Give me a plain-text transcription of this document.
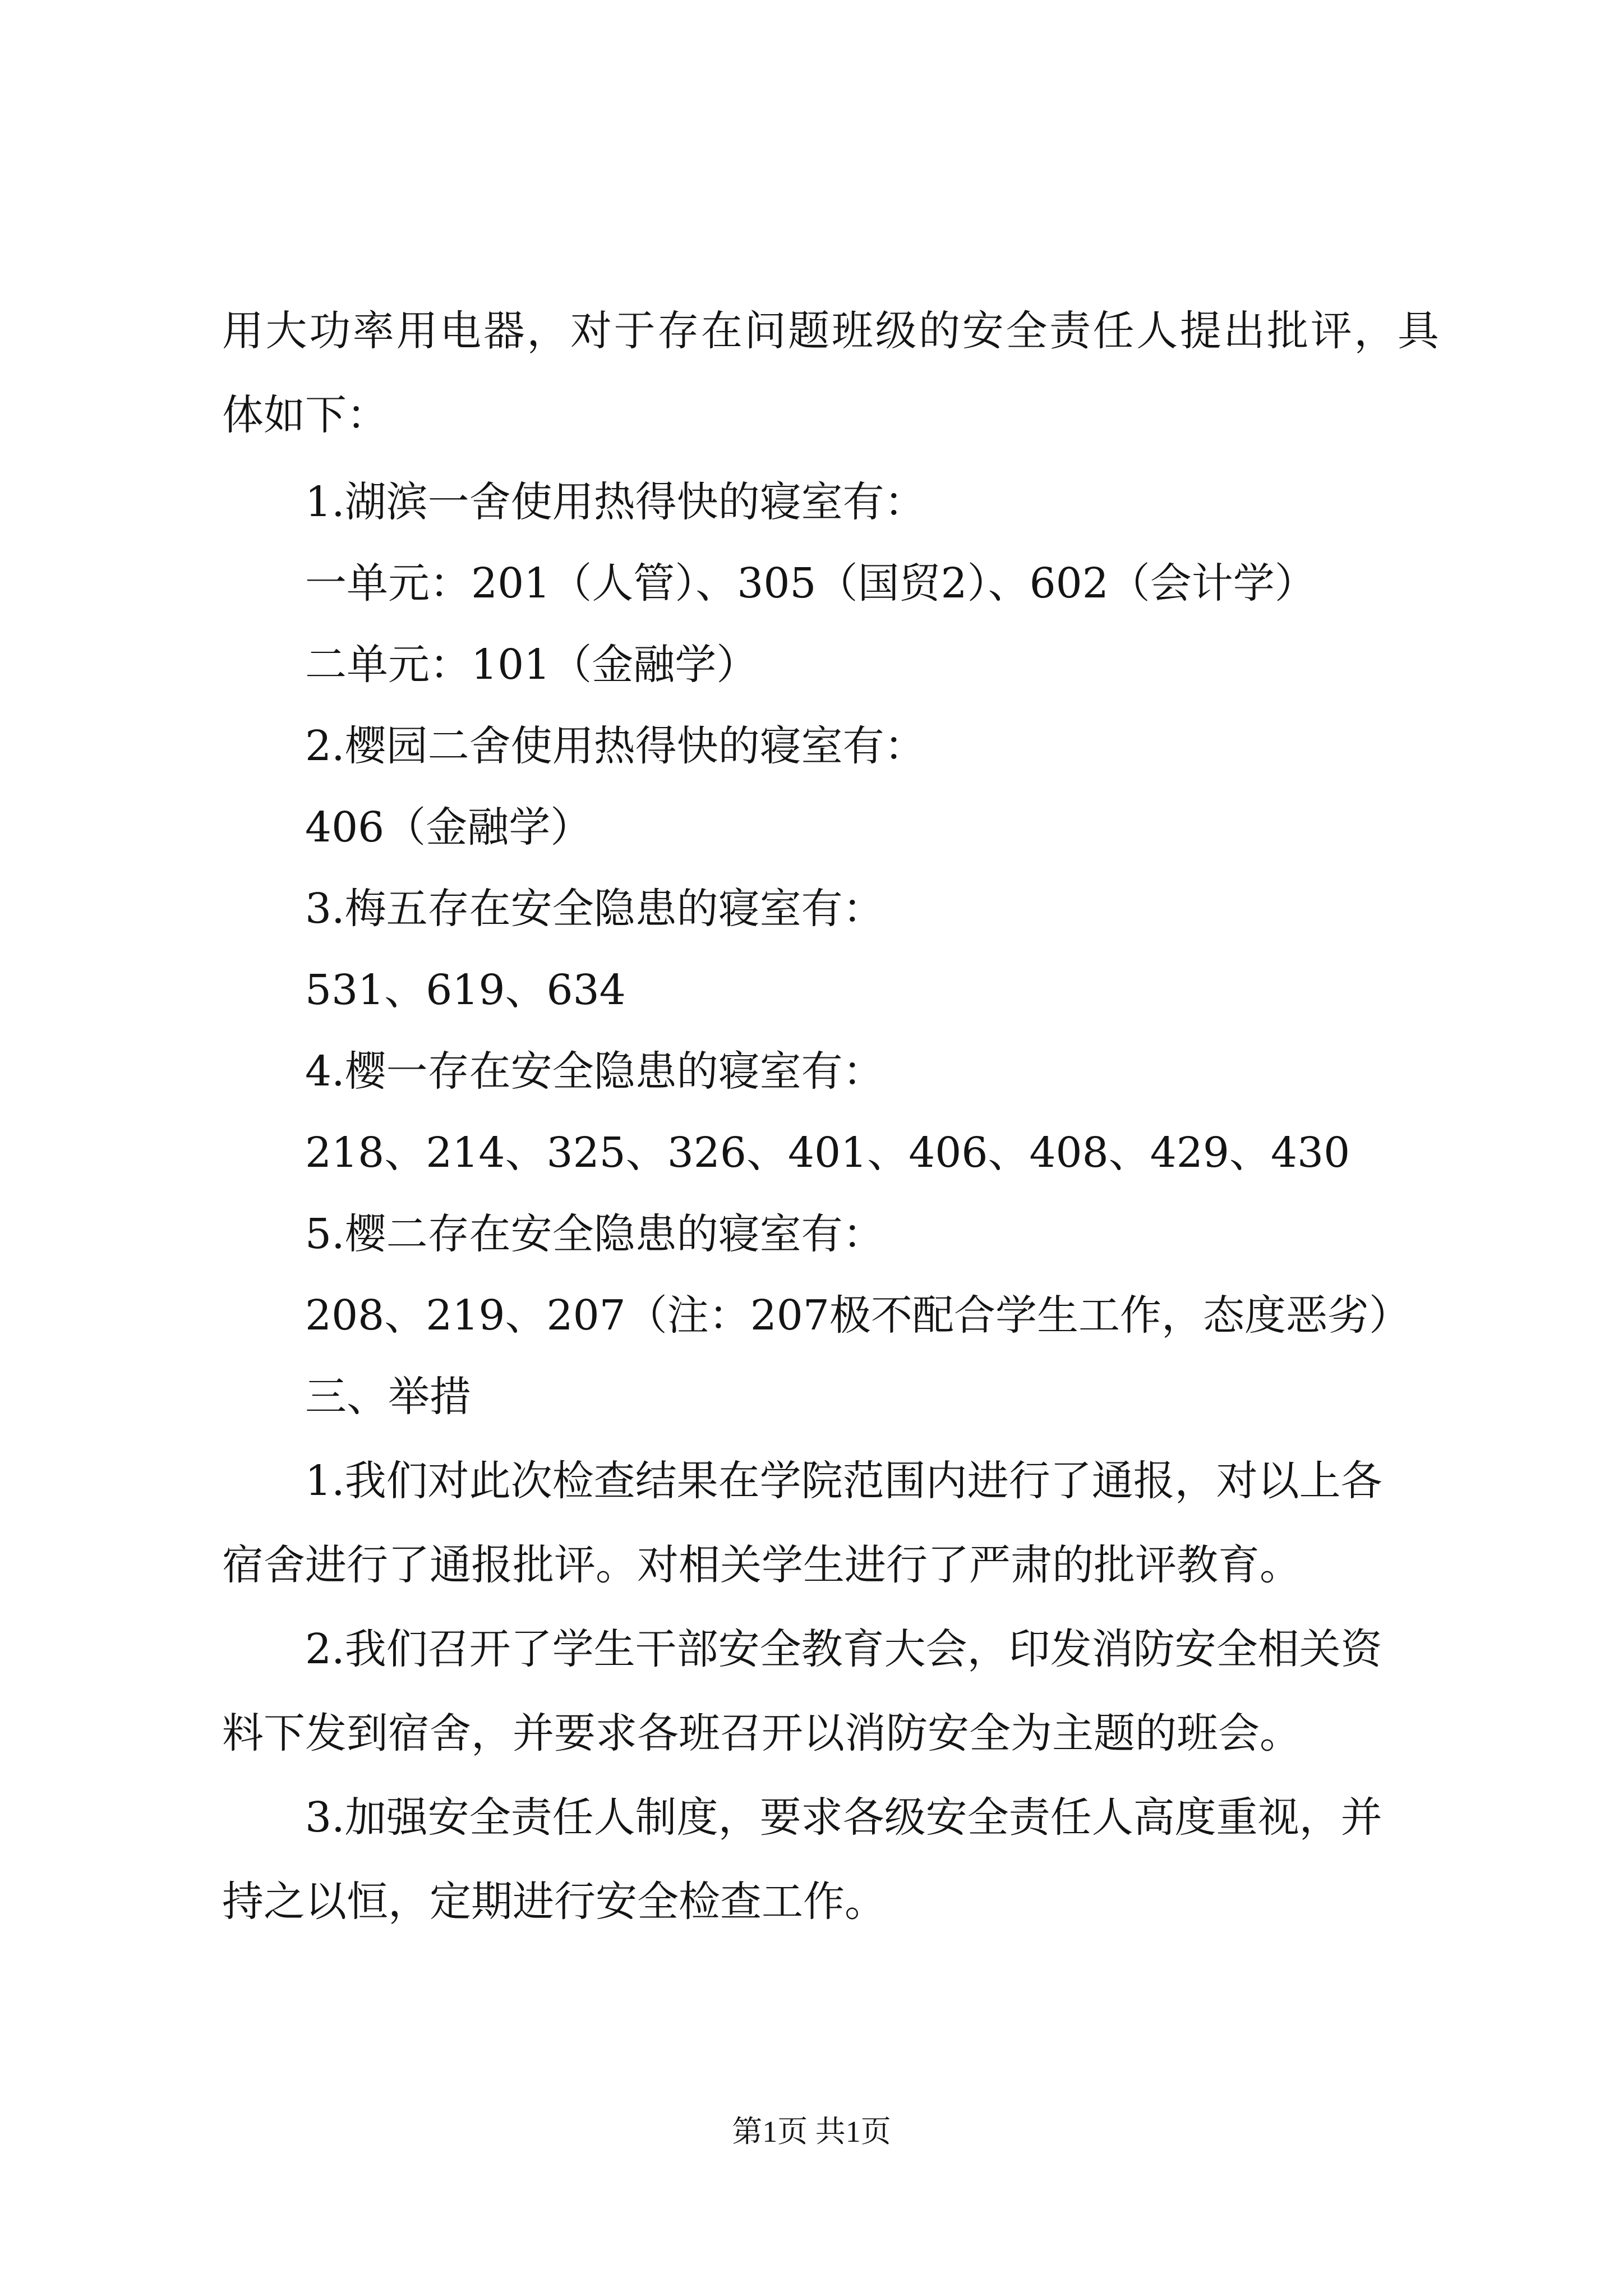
用大功率用电器，对于存在问题班级的安全责任人提出批评，具
体如下：
1.湖滨一舍使用热得快的寝室有：
一单元：201（人管）、305（国贸2）、602（会计学）
二单元：101（金融学）
2.樱园二舍使用热得快的寝室有：
406（金融学）
3.梅五存在安全隐患的寝室有：
531、619、634
4.樱一存在安全隐患的寝室有：
218、214、325、326、401、406、408、429、430
5.樱二存在安全隐患的寝室有：
208、219、207（注：207极不配合学生工作，态度恶劣）
三、举措
1.我们对此次检查结果在学院范围内进行了通报，对以上各
宿舍进行了通报批评。对相关学生进行了严肃的批评教育。
2.我们召开了学生干部安全教育大会，印发消防安全相关资
料下发到宿舍，并要求各班召开以消防安全为主题的班会。
3.加强安全责任人制度，要求各级安全责任人高度重视，并
持之以恒，定期进行安全检查工作。
第1页 共1页
